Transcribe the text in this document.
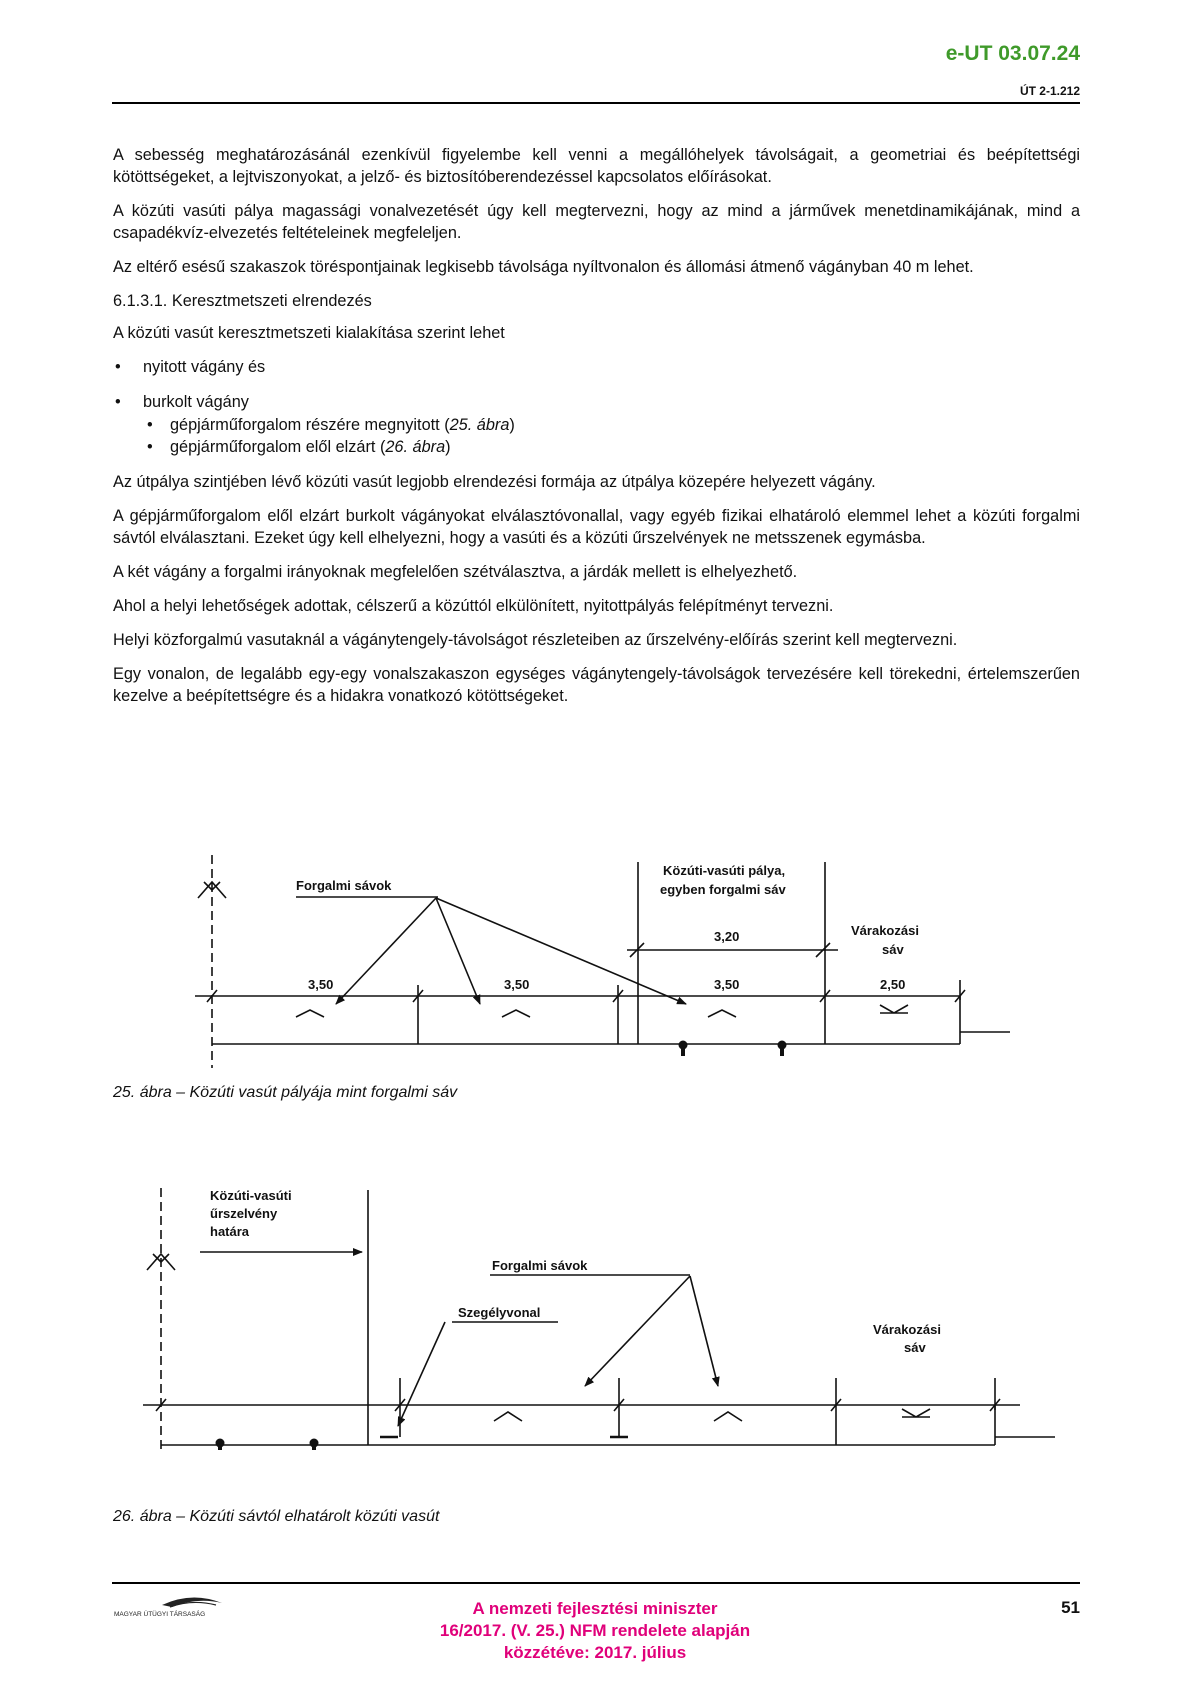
e-UT 03.07.24
ÚT 2-1.212

A sebesség meghatározásánál ezenkívül figyelembe kell venni a megállóhelyek távolságait, a geometriai és beépítettségi kötöttségeket, a lejtviszonyokat, a jelző- és biztosítóberendezéssel kapcsolatos előírásokat.

A közúti vasúti pálya magassági vonalvezetését úgy kell megtervezni, hogy az mind a járművek menetdinamikájának, mind a csapadékvíz-elvezetés feltételeinek megfeleljen.

Az eltérő esésű szakaszok töréspontjainak legkisebb távolsága nyíltvonalon és állomási átmenő vágányban 40 m lehet.

6.1.3.1. Keresztmetszeti elrendezés

A közúti vasút keresztmetszeti kialakítása szerint lehet

• nyitott vágány és
• burkolt vágány
• gépjárműforgalom részére megnyitott (25. ábra)
• gépjárműforgalom elől elzárt (26. ábra)

Az útpálya szintjében lévő közúti vasút legjobb elrendezési formája az útpálya közepére helyezett vágány.

A gépjárműforgalom elől elzárt burkolt vágányokat elválasztóvonallal, vagy egyéb fizikai elhatároló elemmel lehet a közúti forgalmi sávtól elválasztani. Ezeket úgy kell elhelyezni, hogy a vasúti és a közúti űrszelvények ne metsszenek egymásba.

A két vágány a forgalmi irányoknak megfelelően szétválasztva, a járdák mellett is elhelyezhető.

Ahol a helyi lehetőségek adottak, célszerű a közúttól elkülönített, nyitottpályás felépítményt tervezni.

Helyi közforgalmú vasutaknál a vágánytengely-távolságot részleteiben az űrszelvény-előírás szerint kell megtervezni.

Egy vonalon, de legalább egy-egy vonalszakaszon egységes vágánytengely-távolságok tervezésére kell törekedni, értelemszerűen kezelve a beépítettségre és a hidakra vonatkozó kötöttségeket.

Forgalmi sávok
Közúti-vasúti pálya,
egyben forgalmi sáv
Várakozási
sáv
3,20
3,50	3,50	3,50	2,50
25. ábra – Közúti vasút pályája mint forgalmi sáv
Közúti-vasúti
űrszelvény
határa
Forgalmi sávok
Szegélyvonal
Várakozási
sáv
26. ábra – Közúti sávtól elhatárolt közúti vasút
MAGYAR ÚTÜGYI TÁRSASÁG	A nemzeti fejlesztési miniszter
16/2017. (V. 25.) NFM rendelete alapján
közzétéve: 2017. július
51
